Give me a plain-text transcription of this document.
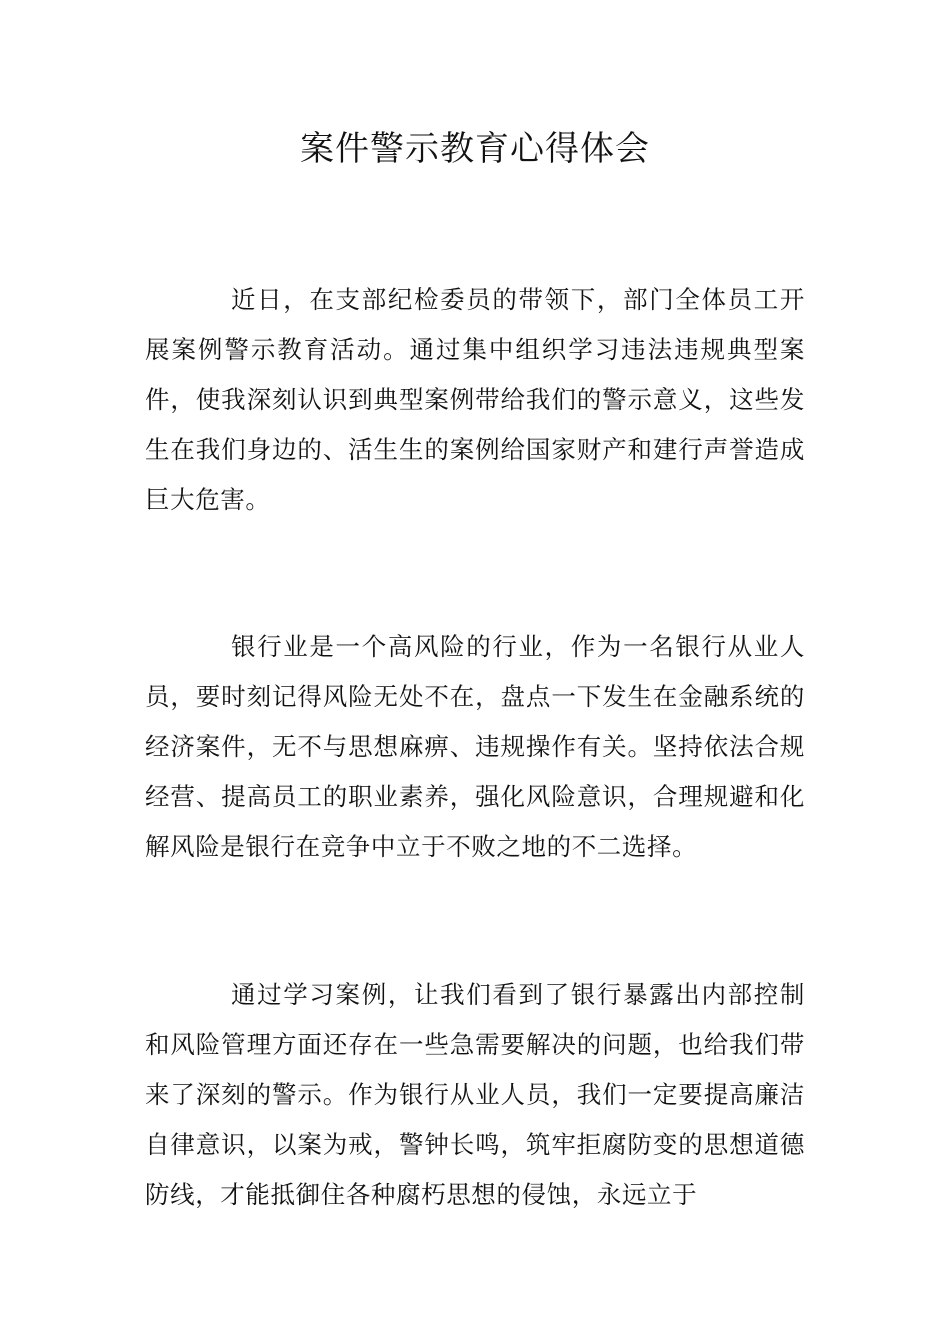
案件警示教育心得体会

近日，在支部纪检委员的带领下，部门全体员工开展案例警示教育活动。通过集中组织学习违法违规典型案件，使我深刻认识到典型案例带给我们的警示意义，这些发生在我们身边的、活生生的案例给国家财产和建行声誉造成巨大危害。

银行业是一个高风险的行业，作为一名银行从业人员，要时刻记得风险无处不在，盘点一下发生在金融系统的经济案件，无不与思想麻痹、违规操作有关。坚持依法合规经营、提高员工的职业素养，强化风险意识，合理规避和化解风险是银行在竞争中立于不败之地的不二选择。

通过学习案例，让我们看到了银行暴露出内部控制和风险管理方面还存在一些急需要解决的问题，也给我们带来了深刻的警示。作为银行从业人员，我们一定要提高廉洁自律意识，以案为戒，警钟长鸣，筑牢拒腐防变的思想道德防线，才能抵御住各种腐朽思想的侵蚀，永远立于
